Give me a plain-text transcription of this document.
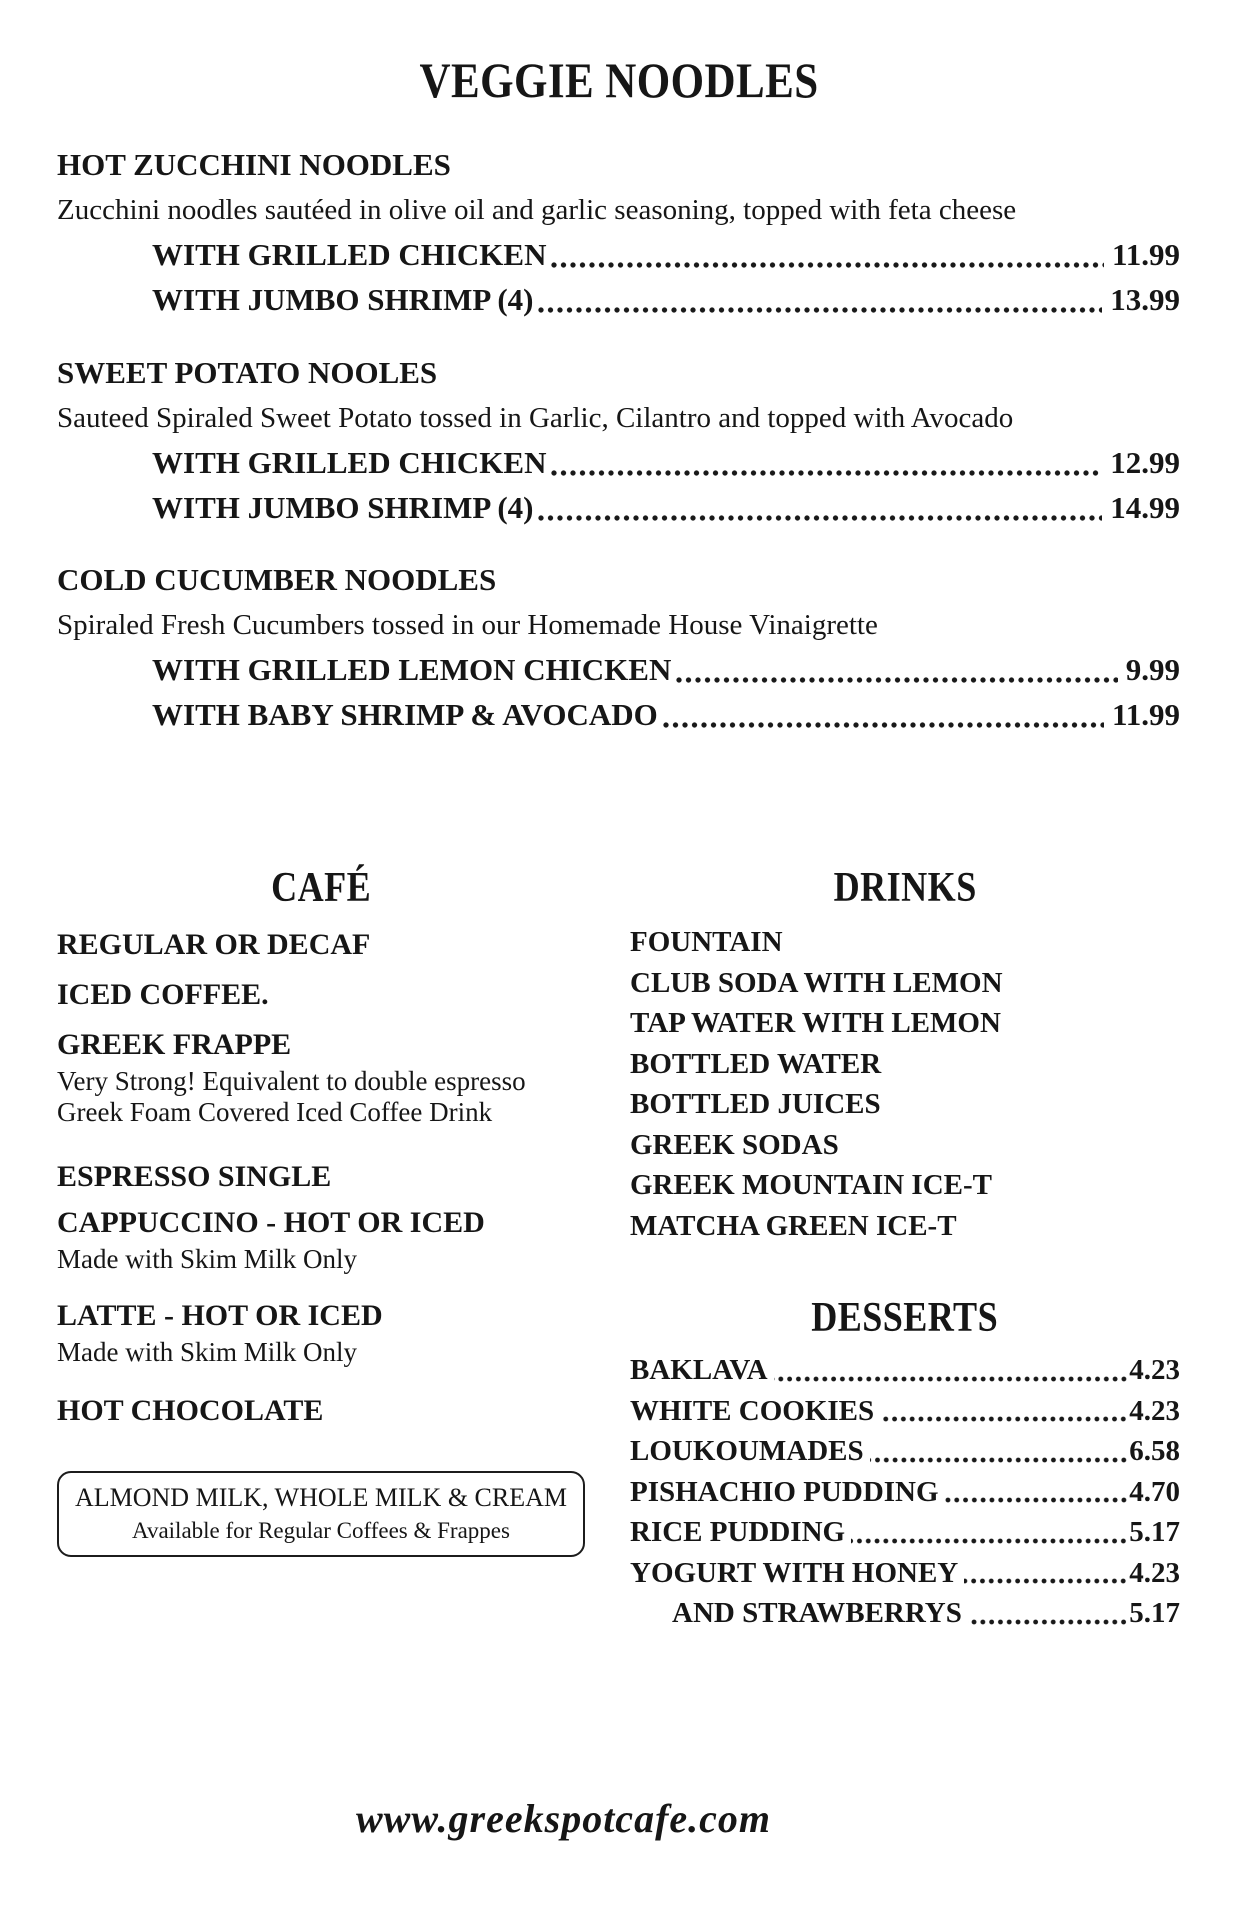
VEGGIE NOODLES
HOT ZUCCHINI NOODLES

Zucchini noodles sautéed in olive oil and garlic seasoning, topped with feta cheese

WITH GRILLED CHICKEN	11.99
WITH JUMBO SHRIMP (4)	13.99
SWEET POTATO NOOLES

Sauteed Spiraled Sweet Potato tossed in Garlic, Cilantro and topped with Avocado

WITH GRILLED CHICKEN	12.99
WITH JUMBO SHRIMP (4)	14.99
COLD CUCUMBER NOODLES

Spiraled Fresh Cucumbers tossed in our Homemade House Vinaigrette

WITH GRILLED LEMON CHICKEN	9.99
WITH BABY SHRIMP & AVOCADO	11.99
CAFÉ
REGULAR OR DECAF
ICED COFFEE.
GREEK FRAPPE
Very Strong! Equivalent to double espresso
Greek Foam Covered Iced Coffee Drink
ESPRESSO SINGLE
CAPPUCCINO - HOT OR ICED
Made with Skim Milk Only
LATTE - HOT OR ICED
Made with Skim Milk Only
HOT CHOCOLATE
ALMOND MILK, WHOLE MILK & CREAM
Available for Regular Coffees & Frappes
DRINKS
FOUNTAIN
CLUB SODA WITH LEMON
TAP WATER WITH LEMON
BOTTLED WATER
BOTTLED JUICES
GREEK SODAS
GREEK MOUNTAIN ICE-T
MATCHA GREEN ICE-T
DESSERTS
BAKLAVA	4.23
WHITE COOKIES	4.23
LOUKOUMADES	6.58
PISHACHIO PUDDING	4.70
RICE PUDDING	5.17
YOGURT WITH HONEY	4.23
AND STRAWBERRYS	5.17
www.greekspotcafe.com
